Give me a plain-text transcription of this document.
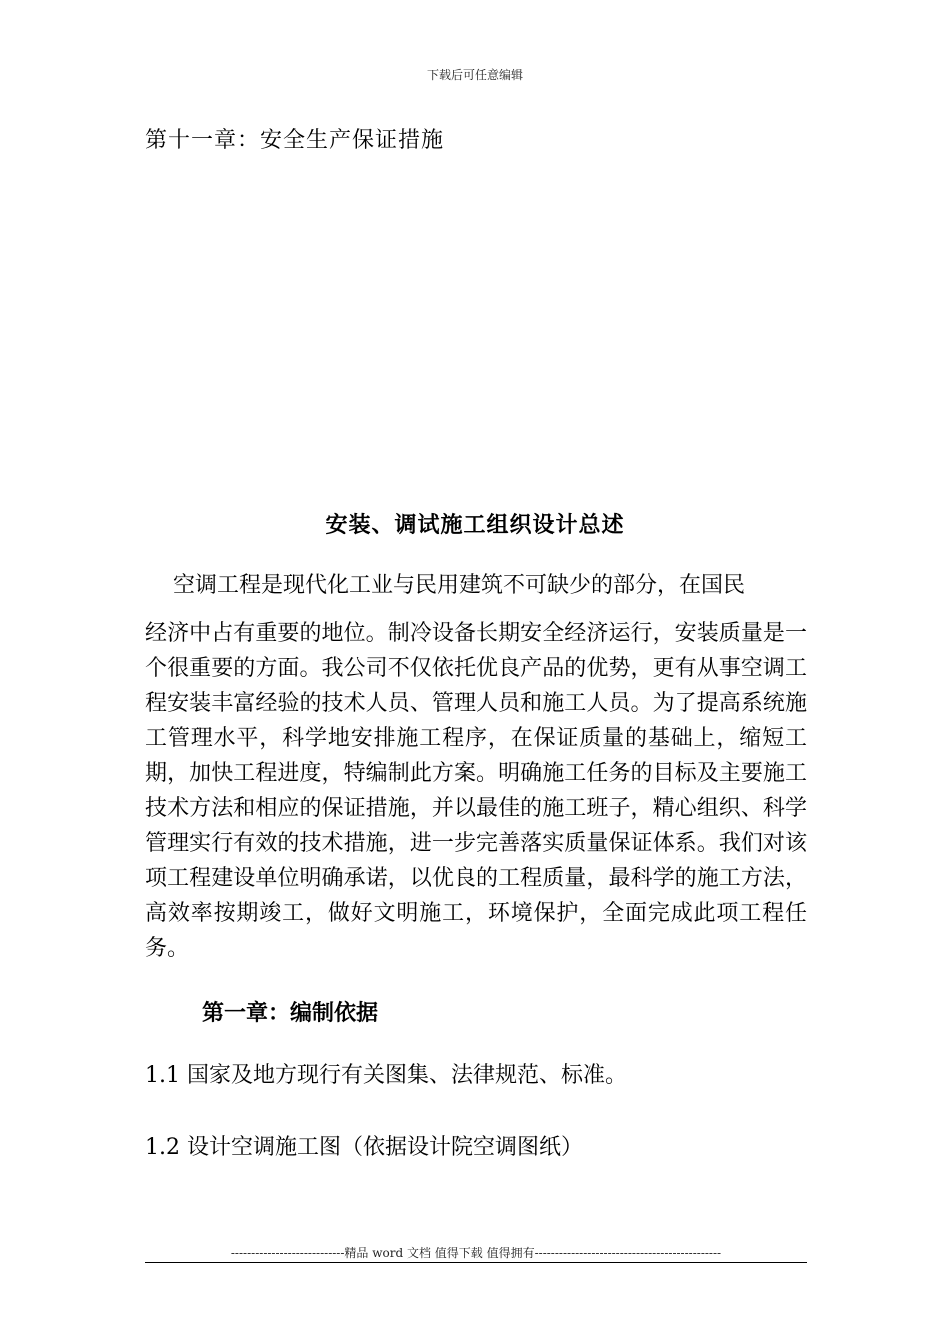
下载后可任意编辑
第十一章：安全生产保证措施
安装、调试施工组织设计总述

空调工程是现代化工业与民用建筑不可缺少的部分，在国民
经济中占有重要的地位。制冷设备长期安全经济运行，安装质量是一个很重要的方面。我公司不仅依托优良产品的优势，更有从事空调工程安装丰富经验的技术人员、管理人员和施工人员。为了提高系统施工管理水平，科学地安排施工程序，在保证质量的基础上，缩短工期，加快工程进度，特编制此方案。明确施工任务的目标及主要施工技术方法和相应的保证措施，并以最佳的施工班子，精心组织、科学管理实行有效的技术措施，进一步完善落实质量保证体系。我们对该项工程建设单位明确承诺，以优良的工程质量，最科学的施工方法，高效率按期竣工，做好文明施工，环境保护，全面完成此项工程任务。

第一章：编制依据
1.1 国家及地方现行有关图集、法律规范、标准。
1.2 设计空调施工图（依据设计院空调图纸）
----------------------------精品 word 文档 值得下载 值得拥有----------------------------------------------
